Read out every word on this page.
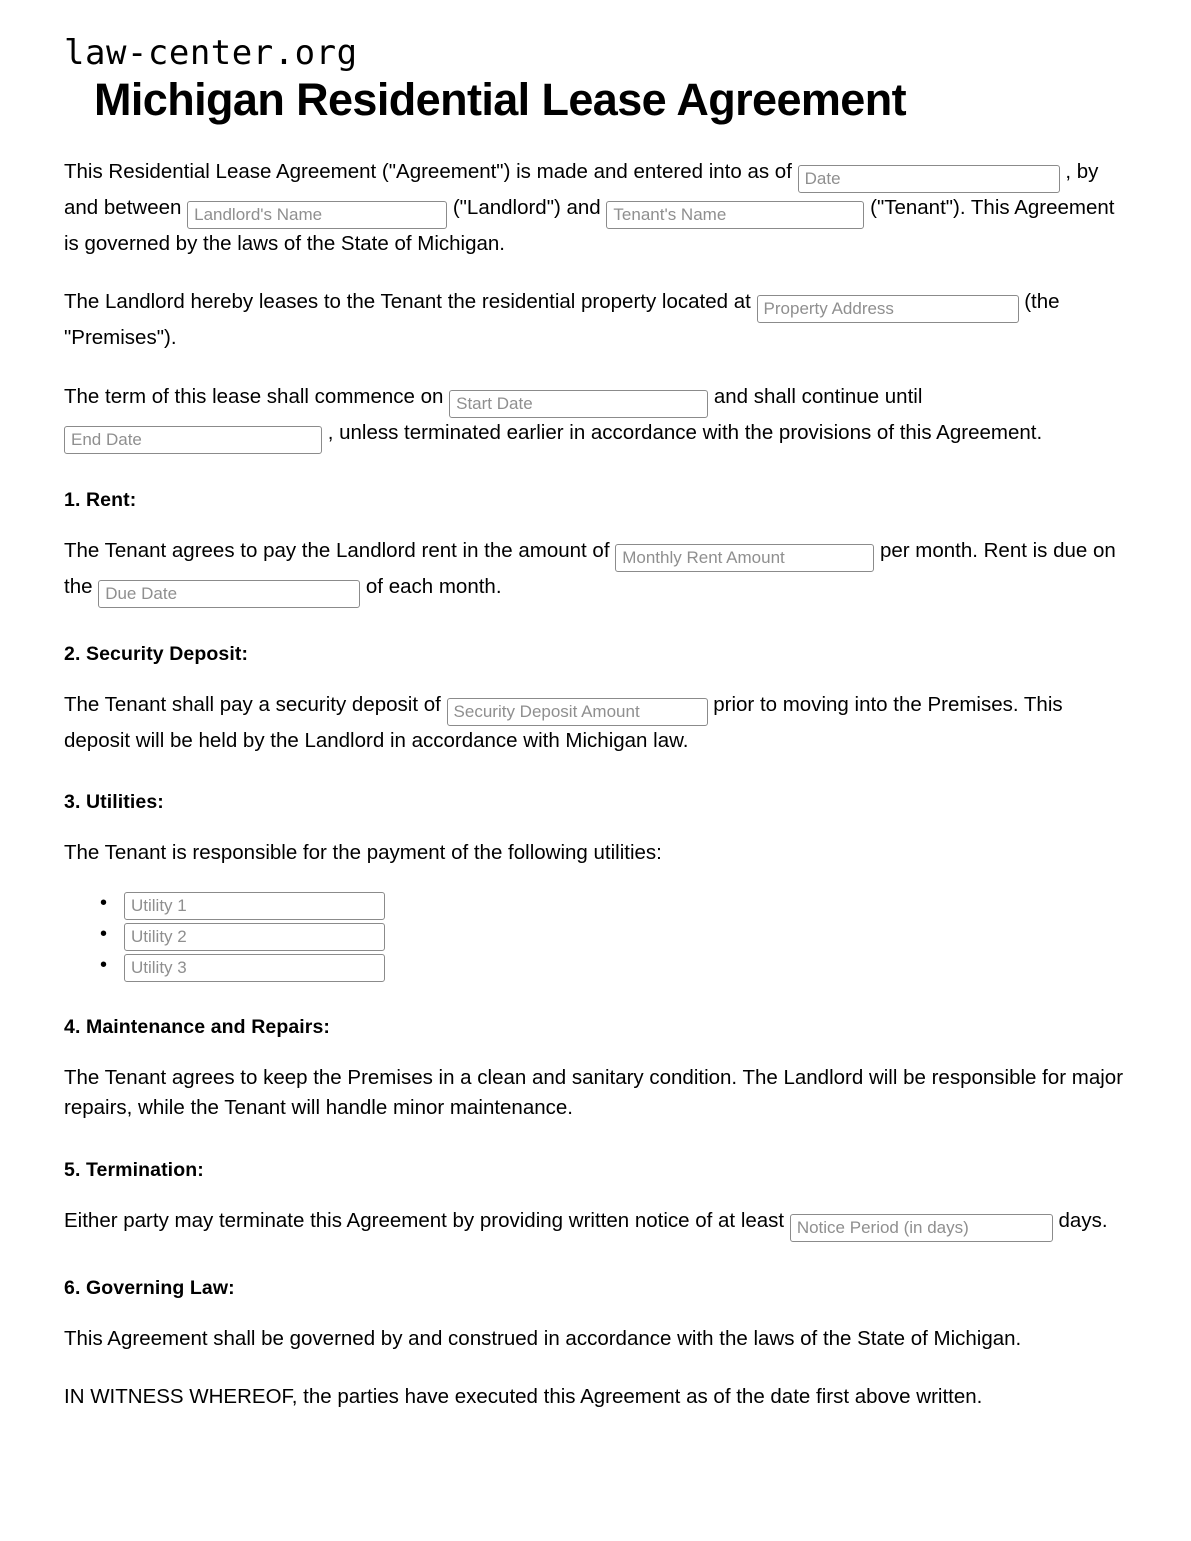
law-center.org
Michigan Residential Lease Agreement

This Residential Lease Agreement ("Agreement") is made and entered into as of Date	, by and between Landlord's Name	("Landlord") and Tenant's Name	("Tenant"). This Agreement is governed by the laws of the State of Michigan.

The Landlord hereby leases to the Tenant the residential property located at Property Address	(the "Premises").

The term of this lease shall commence on Start Date	and shall continue until End Date , unless terminated earlier in accordance with the provisions of this Agreement.

1. Rent:

The Tenant agrees to pay the Landlord rent in the amount of Monthly Rent Amount	per month. Rent is due on the Due Date	of each month.

2. Security Deposit:

The Tenant shall pay a security deposit of Security Deposit Amount	prior to moving into the Premises. This deposit will be held by the Landlord in accordance with Michigan law.

3. Utilities:

The Tenant is responsible for the payment of the following utilities:

•
Utility 1
•
Utility 2
•
Utility 3
4. Maintenance and Repairs:

The Tenant agrees to keep the Premises in a clean and sanitary condition. The Landlord will be responsible for major repairs, while the Tenant will handle minor maintenance.

5. Termination:

Either party may terminate this Agreement by providing written notice of at least Notice Period (in days)	days.

6. Governing Law:

This Agreement shall be governed by and construed in accordance with the laws of the State of Michigan.

IN WITNESS WHEREOF, the parties have executed this Agreement as of the date first above written.
